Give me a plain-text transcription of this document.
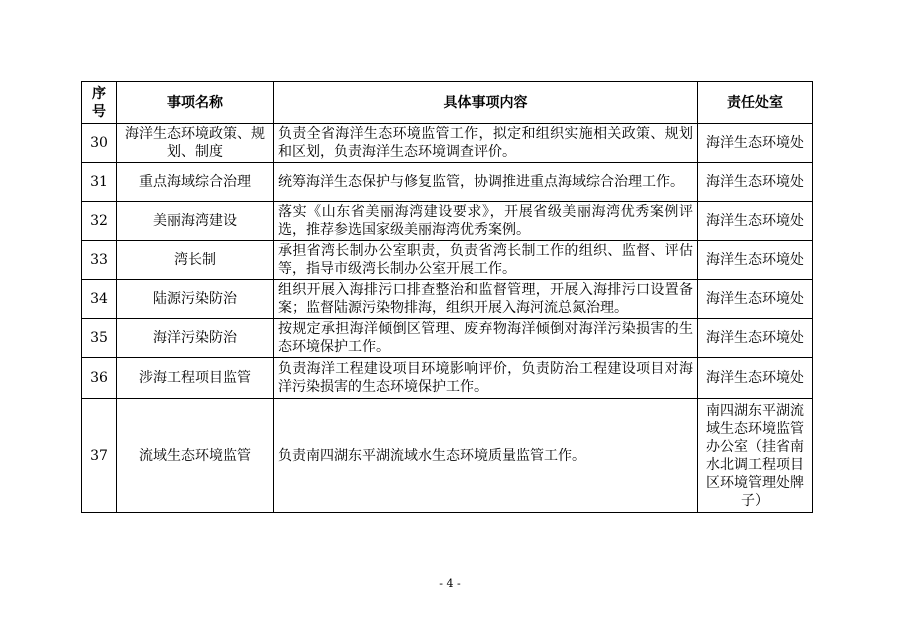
序号	事项名称	具体事项内容	责任处室
30	海洋生态环境政策、规划、制度	负责全省海洋生态环境监管工作，拟定和组织实施相关政策、规划和区划，负责海洋生态环境调查评价。	海洋生态环境处
31	重点海域综合治理	统筹海洋生态保护与修复监管，协调推进重点海域综合治理工作。	海洋生态环境处
32	美丽海湾建设	落实《山东省美丽海湾建设要求》，开展省级美丽海湾优秀案例评选，推荐参选国家级美丽海湾优秀案例。	海洋生态环境处
33	湾长制	承担省湾长制办公室职责，负责省湾长制工作的组织、监督、评估等，指导市级湾长制办公室开展工作。	海洋生态环境处
34	陆源污染防治	组织开展入海排污口排查整治和监督管理，开展入海排污口设置备案；监督陆源污染物排海，组织开展入海河流总氮治理。	海洋生态环境处
35	海洋污染防治	按规定承担海洋倾倒区管理、废弃物海洋倾倒对海洋污染损害的生态环境保护工作。	海洋生态环境处
36	涉海工程项目监管	负责海洋工程建设项目环境影响评价，负责防治工程建设项目对海洋污染损害的生态环境保护工作。	海洋生态环境处
37	流域生态环境监管	负责南四湖东平湖流域水生态环境质量监管工作。	南四湖东平湖流域生态环境监管办公室（挂省南水北调工程项目区环境管理处牌子）
- 4 -
